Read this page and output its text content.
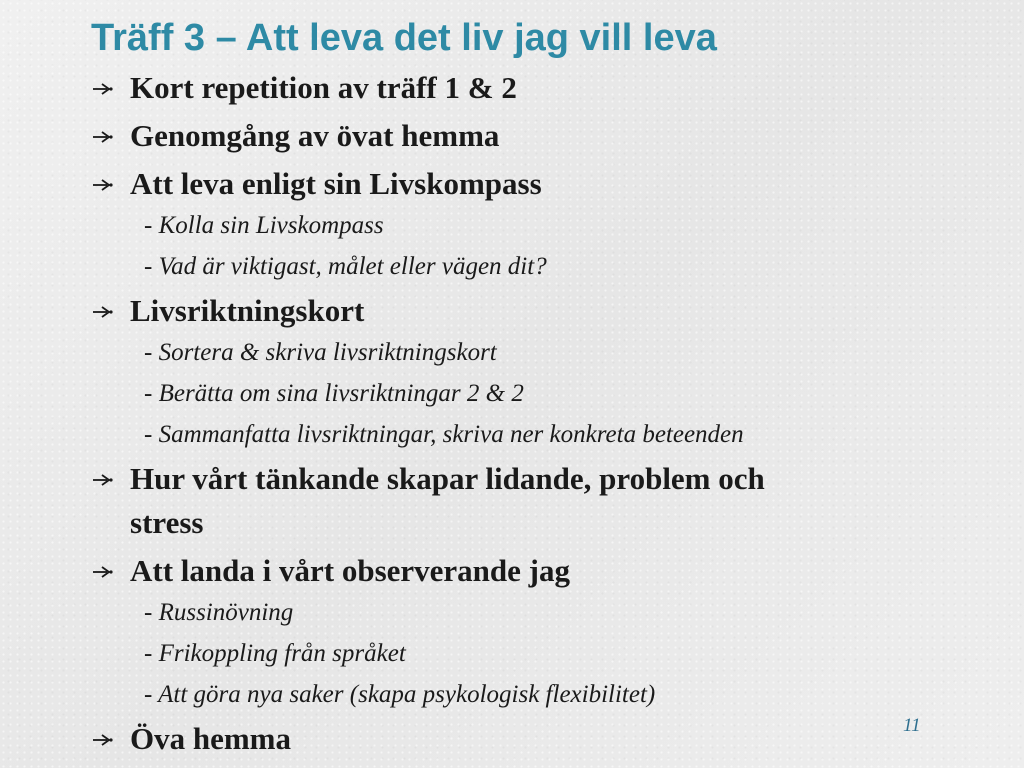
Träff 3 – Att leva det liv jag vill leva
Kort repetition av träff 1 & 2
Genomgång av övat hemma
Att leva enligt sin Livskompass
- Kolla sin Livskompass
- Vad är viktigast, målet eller vägen dit?
Livsriktningskort
- Sortera & skriva livsriktningskort
- Berätta om sina livsriktningar 2 & 2
- Sammanfatta livsriktningar, skriva ner konkreta beteenden
Hur vårt tänkande skapar lidande, problem och
stress
Att landa i vårt observerande jag
- Russinövning
- Frikoppling från språket
- Att göra nya saker (skapa psykologisk flexibilitet)
Öva hemma	11
